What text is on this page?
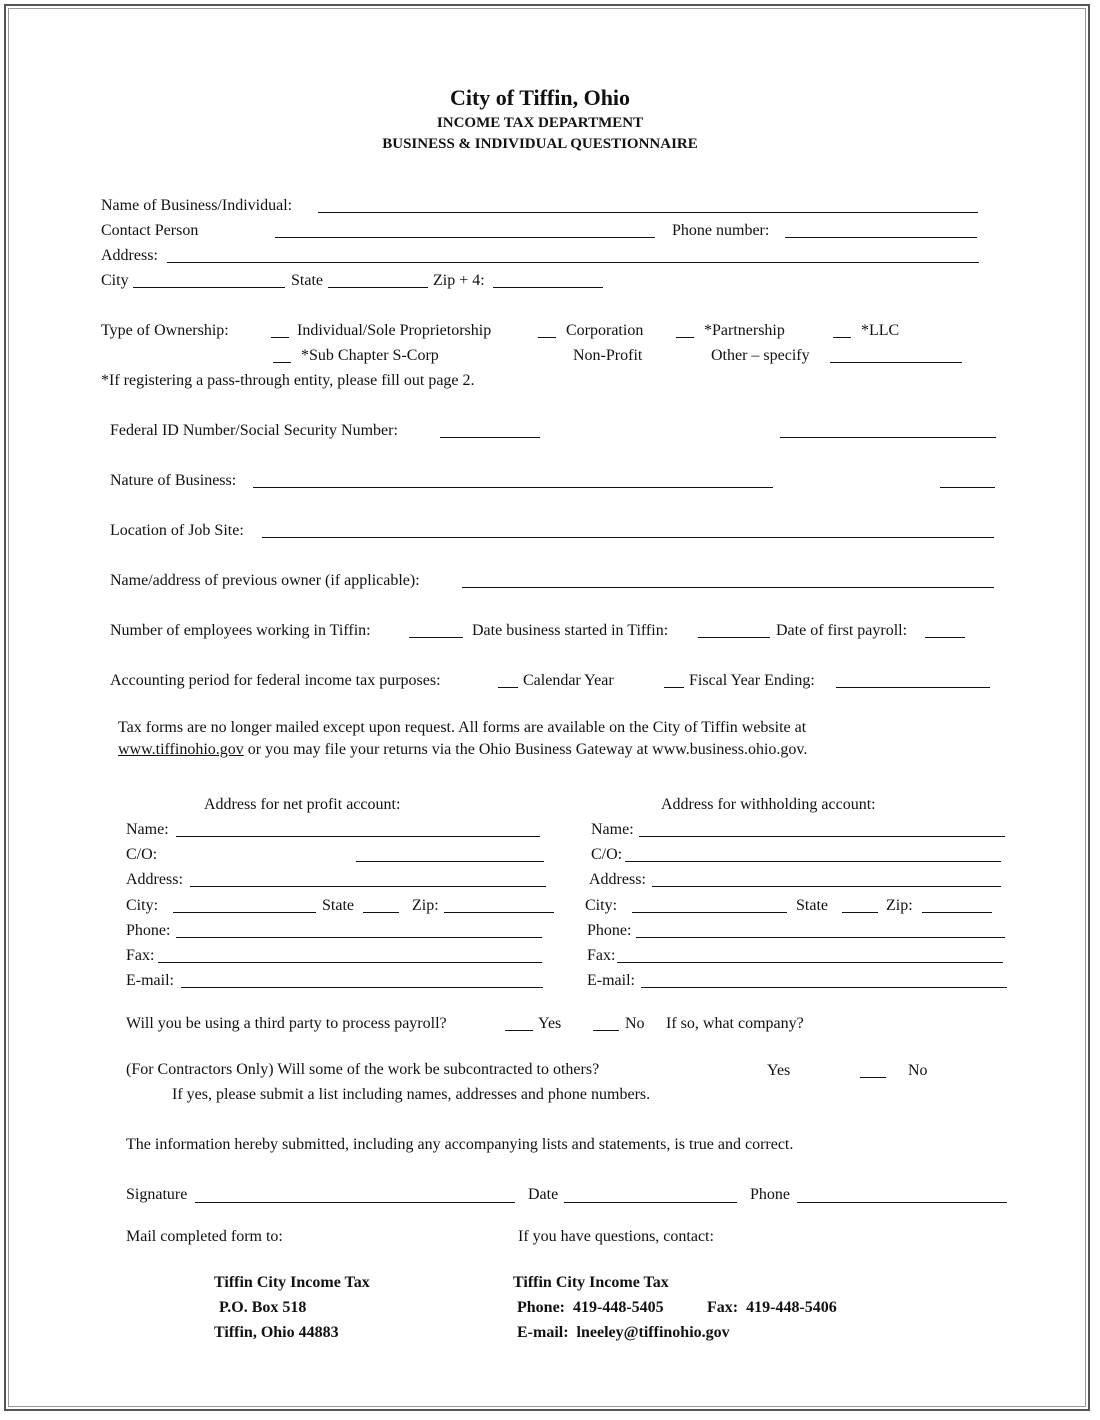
City of Tiffin, Ohio
INCOME TAX DEPARTMENT
BUSINESS & INDIVIDUAL QUESTIONNAIRE
Name of Business/Individual:
Contact Person	Phone number:
Address:
City	State	Zip + 4:
Type of Ownership:	Individual/Sole Proprietorship	Corporation	*Partnership	*LLC
*Sub Chapter S-Corp	Non-Profit	Other – specify
*If registering a pass-through entity, please fill out page 2.
Federal ID Number/Social Security Number:
Nature of Business:
Location of Job Site:
Name/address of previous owner (if applicable):
Number of employees working in Tiffin:	Date business started in Tiffin:	Date of first payroll:
Accounting period for federal income tax purposes:	Calendar Year	Fiscal Year Ending:
Tax forms are no longer mailed except upon request. All forms are available on the City of Tiffin website at
www.tiffinohio.gov or you may file your returns via the Ohio Business Gateway at www.business.ohio.gov.
Address for net profit account:
Name:
C/O:
Address:
City:	State	Zip:
Phone:
Fax:
E-mail:
Address for withholding account:
Name:
C/O:
Address:
City:	State	Zip:
Phone:
Fax:
E-mail:
Will you be using a third party to process payroll?	Yes	No If so, what company?
(For Contractors Only) Will some of the work be subcontracted to others?	Yes	No
If yes, please submit a list including names, addresses and phone numbers.
The information hereby submitted, including any accompanying lists and statements, is true and correct.
Signature	Date	Phone
Mail completed form to:	If you have questions, contact:
Tiffin City Income Tax
P.O. Box 518
Tiffin, Ohio 44883
Tiffin City Income Tax
Phone: 419-448-5405	Fax: 419-448-5406
E-mail: lneeley@tiffinohio.gov
